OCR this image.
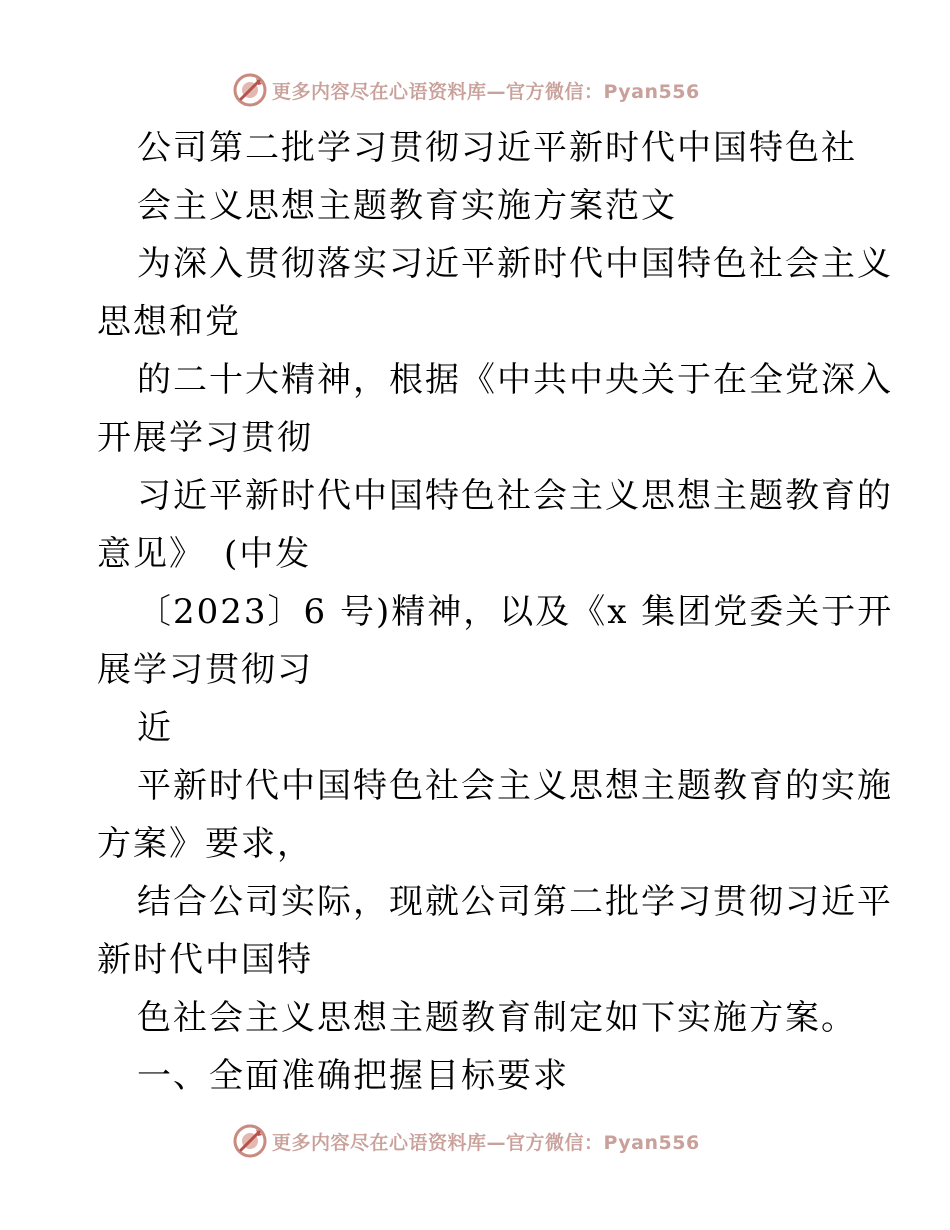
更多内容尽在心语资料库—官方微信：Pyan556
公司第二批学习贯彻习近平新时代中国特色社
会主义思想主题教育实施方案范文
为深入贯彻落实习近平新时代中国特色社会主义
思想和党
的二十大精神，根据《中共中央关于在全党深入
开展学习贯彻
习近平新时代中国特色社会主义思想主题教育的
意见》　(中发
〔2023〕6 号)精神，以及《x 集团党委关于开
展学习贯彻习
近
平新时代中国特色社会主义思想主题教育的实施
方案》要求，
结合公司实际，现就公司第二批学习贯彻习近平
新时代中国特
色社会主义思想主题教育制定如下实施方案。
一、全面准确把握目标要求
更多内容尽在心语资料库—官方微信：Pyan556
